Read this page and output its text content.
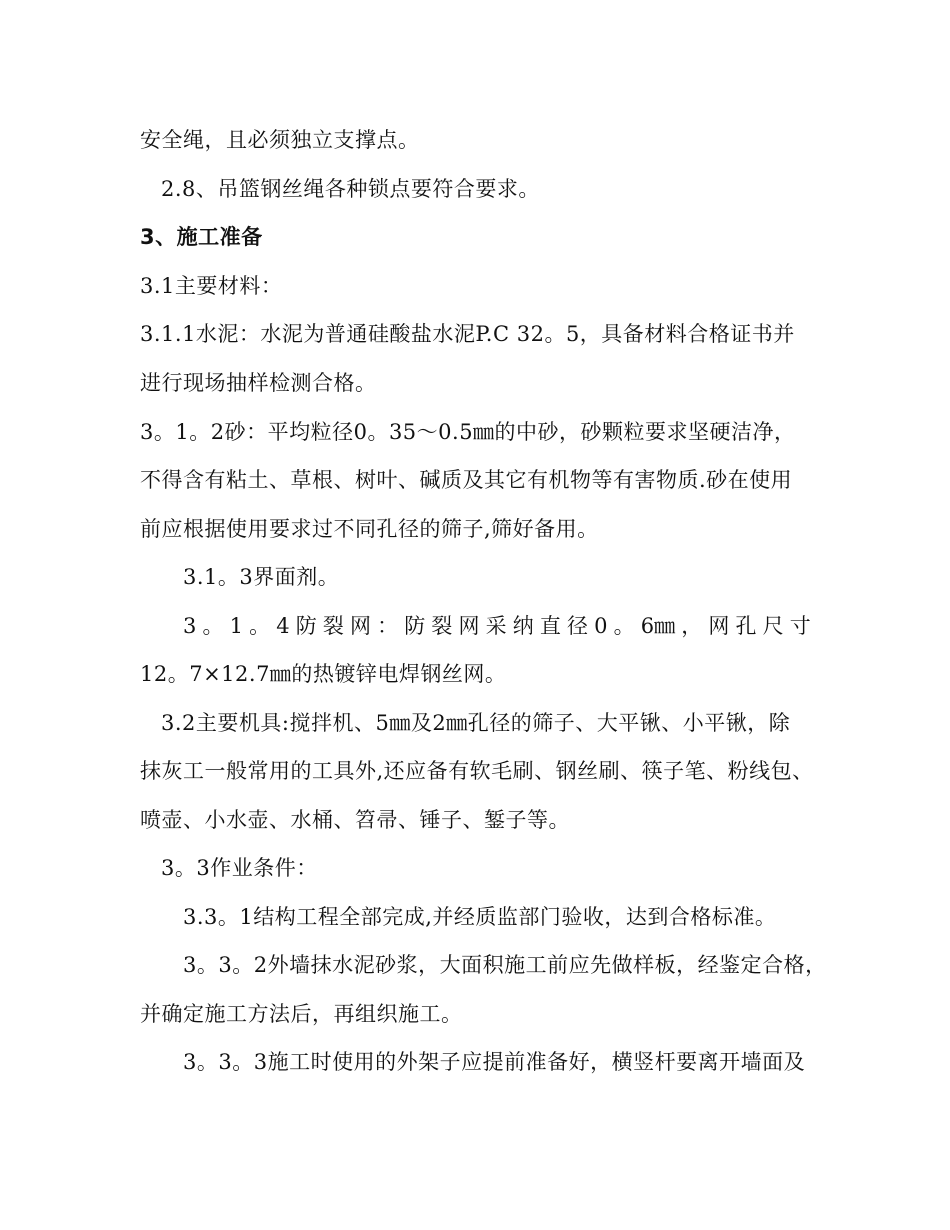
安全绳，且必须独立支撑点。
2.8、吊篮钢丝绳各种锁点要符合要求。
3、施工准备
3.1主要材料：
3.1.1水泥：水泥为普通硅酸盐水泥P.C 32。5，具备材料合格证书并
进行现场抽样检测合格。
3。1。2砂：平均粒径0。35～0.5㎜的中砂，砂颗粒要求坚硬洁净，
不得含有粘土、草根、树叶、碱质及其它有机物等有害物质.砂在使用
前应根据使用要求过不同孔径的筛子,筛好备用。
3.1。3界面剂。
3 。 1 。 4 防 裂 网 ： 防 裂 网 采 纳 直 径 0 。 6㎜ ， 网 孔 尺 寸
12。7×12.7㎜的热镀锌电焊钢丝网。
3.2主要机具:搅拌机、5㎜及2㎜孔径的筛子、大平锹、小平锹，除
抹灰工一般常用的工具外,还应备有软毛刷、钢丝刷、筷子笔、粉线包、
喷壶、小水壶、水桶、笤帚、锤子、錾子等。
3。3作业条件：
3.3。1结构工程全部完成,并经质监部门验收，达到合格标准。
3。3。2外墙抹水泥砂浆，大面积施工前应先做样板，经鉴定合格，
并确定施工方法后，再组织施工。
3。3。3施工时使用的外架子应提前准备好，横竖杆要离开墙面及
